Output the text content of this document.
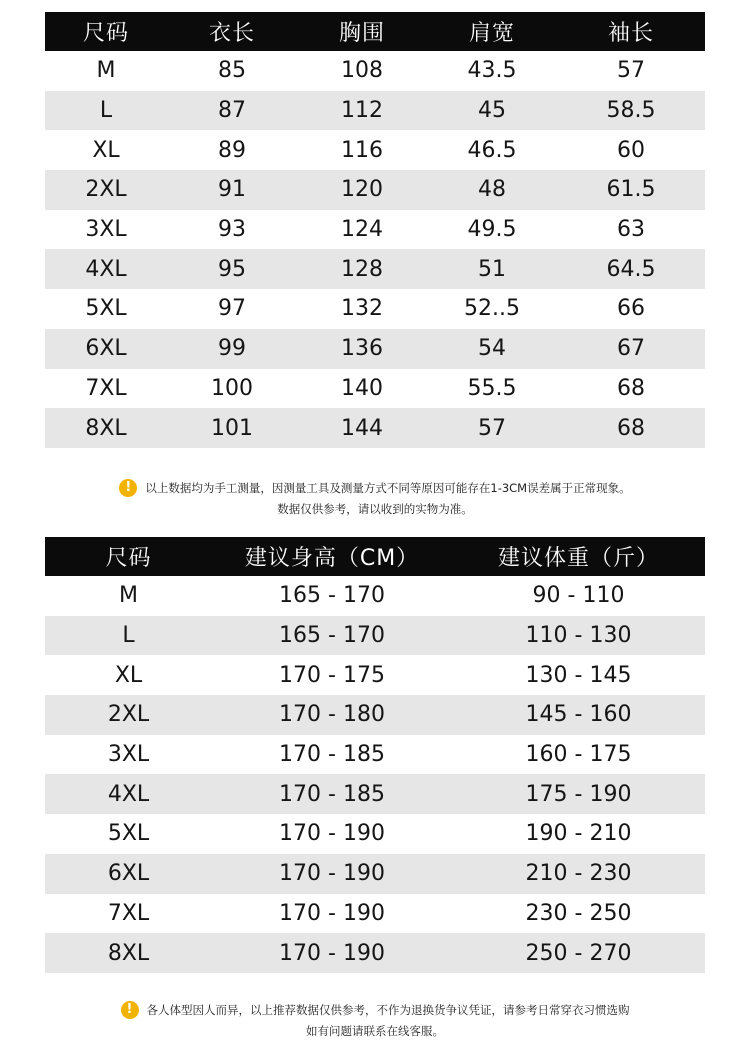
尺码	衣长	胸围	肩宽	袖长
M	85	108	43.5	57
L	87	112	45	58.5
XL	89	116	46.5	60
2XL	91	120	48	61.5
3XL	93	124	49.5	63
4XL	95	128	51	64.5
5XL	97	132	52..5	66
6XL	99	136	54	67
7XL	100	140	55.5	68
8XL	101	144	57	68
! 以上数据均为手工测量，因测量工具及测量方式不同等原因可能存在1-3CM误差属于正常现象。
数据仅供参考，请以收到的实物为准。
尺码	建议身高（CM）	建议体重（斤）
M	165 - 170	90 - 110
L	165 - 170	110 - 130
XL	170 - 175	130 - 145
2XL	170 - 180	145 - 160
3XL	170 - 185	160 - 175
4XL	170 - 185	175 - 190
5XL	170 - 190	190 - 210
6XL	170 - 190	210 - 230
7XL	170 - 190	230 - 250
8XL	170 - 190	250 - 270
! 各人体型因人而异，以上推荐数据仅供参考，不作为退换货争议凭证，请参考日常穿衣习惯选购
如有问题请联系在线客服。
